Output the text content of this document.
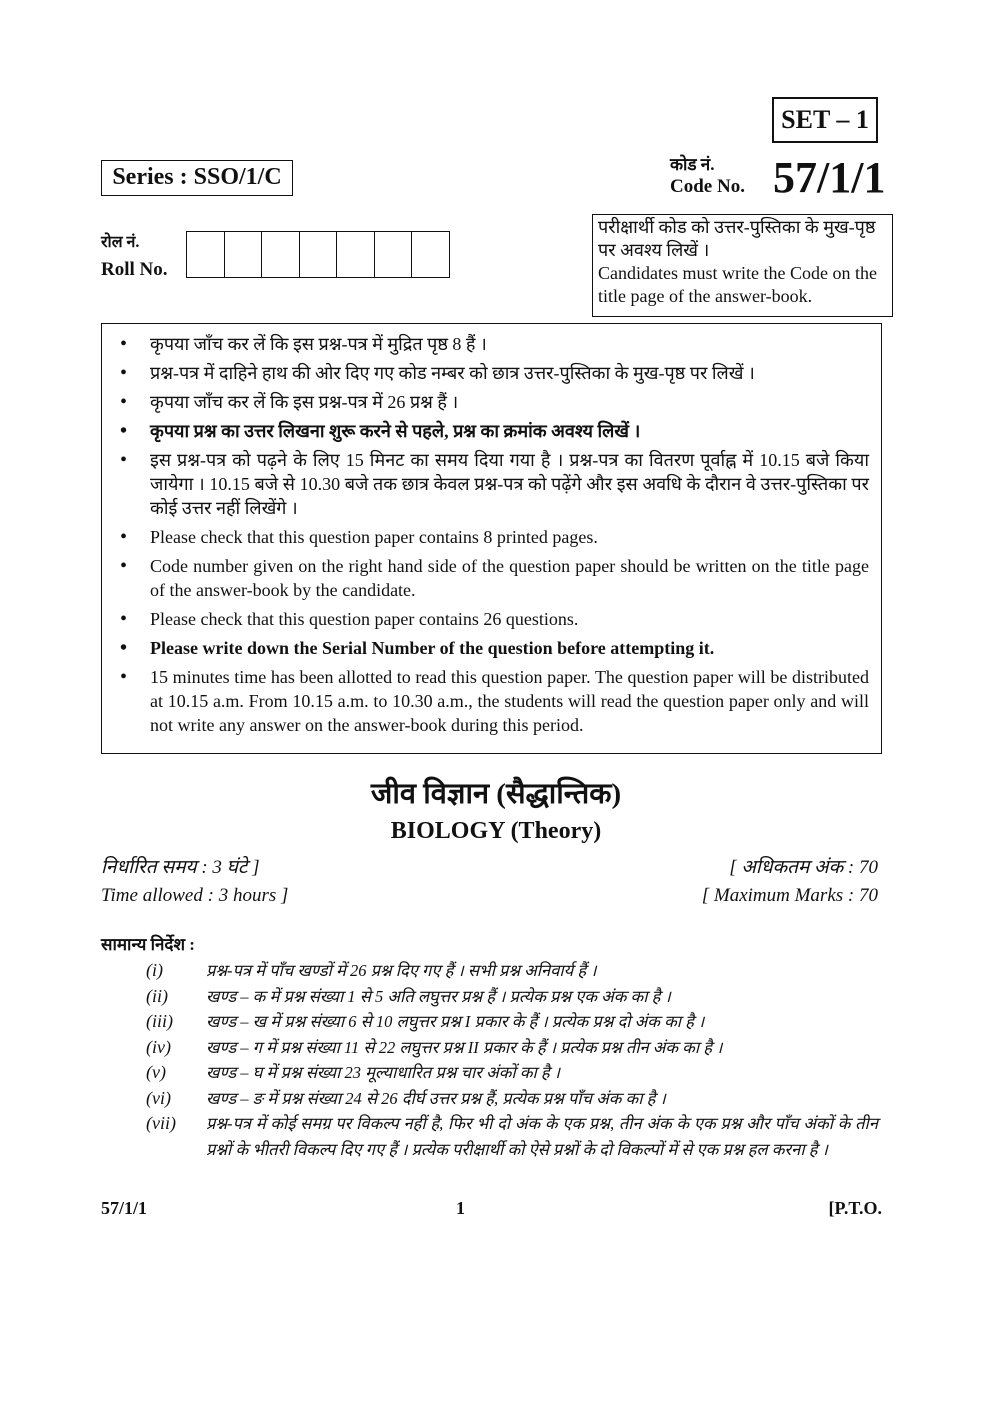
SET – 1
Series : SSO/1/C	कोड नं.
Code No. 57/1/1
रोल नं.
Roll No.
परीक्षार्थी कोड को उत्तर-पुस्तिका के मुख-पृष्ठ पर अवश्य लिखें ।
Candidates must write the Code on the title page of the answer-book.
• कृपया जाँच कर लें कि इस प्रश्न-पत्र में मुद्रित पृष्ठ 8 हैं ।
• प्रश्न-पत्र में दाहिने हाथ की ओर दिए गए कोड नम्बर को छात्र उत्तर-पुस्तिका के मुख-पृष्ठ पर लिखें ।
• कृपया जाँच कर लें कि इस प्रश्न-पत्र में 26 प्रश्न हैं ।
• कृपया प्रश्न का उत्तर लिखना शुरू करने से पहले, प्रश्न का क्रमांक अवश्य लिखें ।
• इस प्रश्न-पत्र को पढ़ने के लिए 15 मिनट का समय दिया गया है । प्रश्न-पत्र का वितरण पूर्वाह्न में 10.15 बजे किया जायेगा । 10.15 बजे से 10.30 बजे तक छात्र केवल प्रश्न-पत्र को पढ़ेंगे और इस अवधि के दौरान वे उत्तर-पुस्तिका पर कोई उत्तर नहीं लिखेंगे ।
• Please check that this question paper contains 8 printed pages.
• Code number given on the right hand side of the question paper should be written on the title page of the answer-book by the candidate.
• Please check that this question paper contains 26 questions.
• Please write down the Serial Number of the question before attempting it.
• 15 minutes time has been allotted to read this question paper. The question paper will be distributed at 10.15 a.m. From 10.15 a.m. to 10.30 a.m., the students will read the question paper only and will not write any answer on the answer-book during this period.
जीव विज्ञान (सैद्धान्तिक)
BIOLOGY (Theory)
निर्धारित समय : 3 घंटे ]	[ अधिकतम अंक : 70
Time allowed : 3 hours ]	[ Maximum Marks : 70
सामान्य निर्देश :
(i)	प्रश्न-पत्र में पाँच खण्डों में 26 प्रश्न दिए गए हैं । सभी प्रश्न अनिवार्य हैं ।
(ii)	खण्ड – क में प्रश्न संख्या 1 से 5 अति लघुत्तर प्रश्न हैं । प्रत्येक प्रश्न एक अंक का है ।
(iii)	खण्ड – ख में प्रश्न संख्या 6 से 10 लघुत्तर प्रश्न I प्रकार के हैं । प्रत्येक प्रश्न दो अंक का है ।
(iv)	खण्ड – ग में प्रश्न संख्या 11 से 22 लघुत्तर प्रश्न II प्रकार के हैं । प्रत्येक प्रश्न तीन अंक का है ।
(v)	खण्ड – घ में प्रश्न संख्या 23 मूल्याधारित प्रश्न चार अंकों का है ।
(vi)	खण्ड – ङ में प्रश्न संख्या 24 से 26 दीर्घ उत्तर प्रश्न हैं, प्रत्येक प्रश्न पाँच अंक का है ।
(vii)	प्रश्न-पत्र में कोई समग्र पर विकल्प नहीं है, फिर भी दो अंक के एक प्रश्न, तीन अंक के एक प्रश्न और पाँच अंकों के तीन प्रश्नों के भीतरी विकल्प दिए गए हैं । प्रत्येक परीक्षार्थी को ऐसे प्रश्नों के दो विकल्पों में से एक प्रश्न हल करना है ।
57/1/1	1	[P.T.O.
